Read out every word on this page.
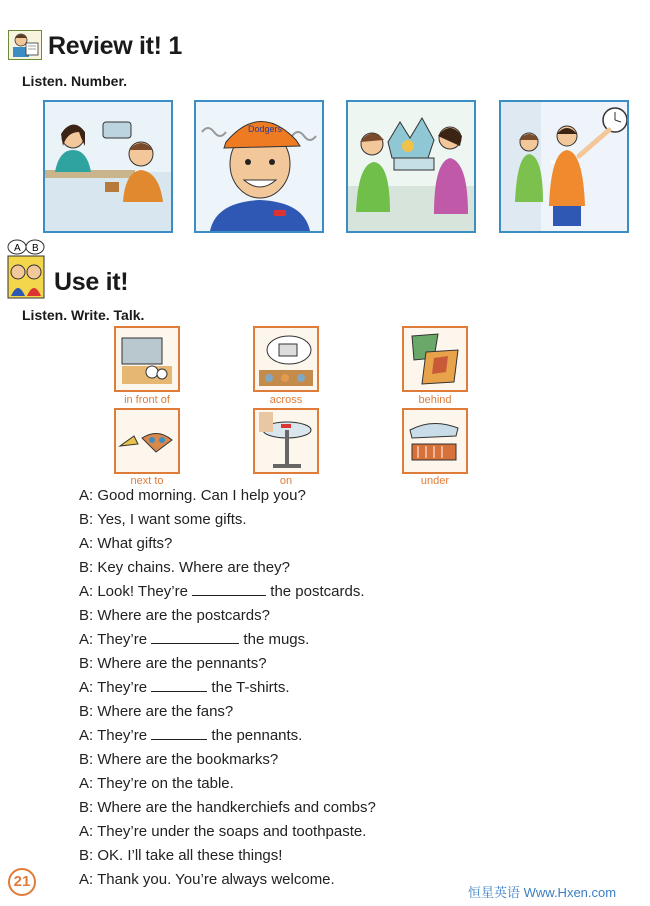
Review it! 1
Listen. Number.
Dodgers
A B
Use it!
Listen. Write. Talk.
in front of	across	behind
next to	on	under
A: Good morning. Can I help you?
B: Yes, I want some gifts.
A: What gifts?
B: Key chains. Where are they?
A: Look! They’re	the postcards.
B: Where are the postcards?
A: They’re	the mugs.
B: Where are the pennants?
A: They’re	the T-shirts.
B: Where are the fans?
A: They’re	the pennants.
B: Where are the bookmarks?
A: They’re on the table.
B: Where are the handkerchiefs and combs?
A: They’re under the soaps and toothpaste.
B: OK. I’ll take all these things!
A: Thank you. You’re always welcome.
21
恒星英语 Www.Hxen.com
